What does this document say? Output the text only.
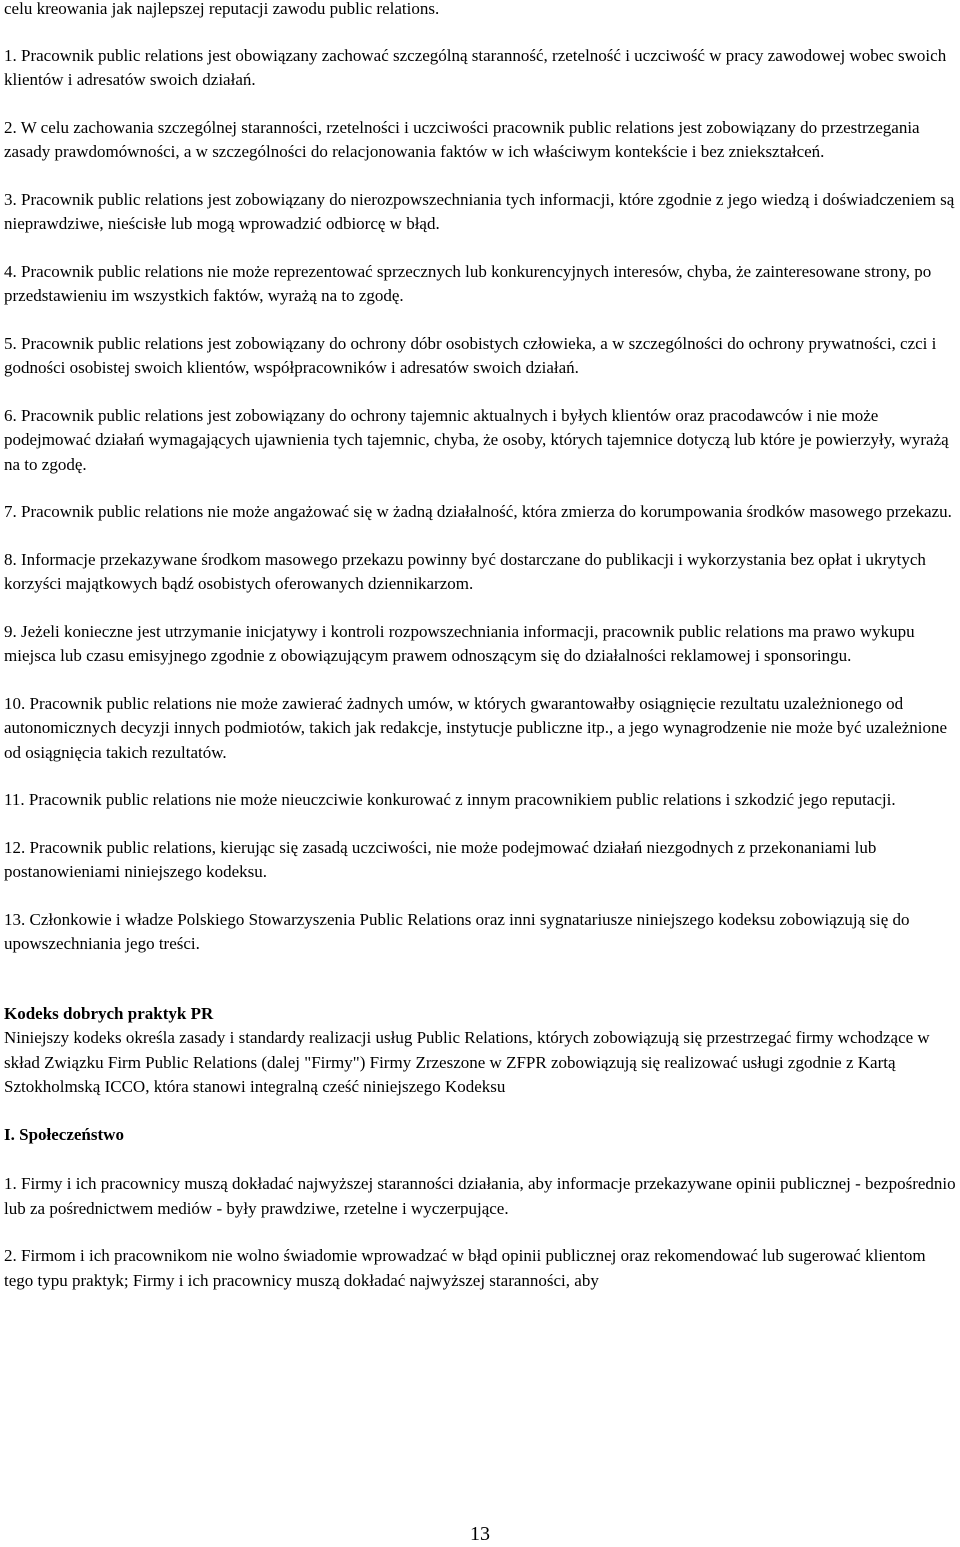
celu kreowania jak najlepszej reputacji zawodu public relations.

1. Pracownik public relations jest obowiązany zachować szczególną staranność, rzetelność i uczciwość w pracy zawodowej wobec swoich klientów i adresatów swoich działań.

2. W celu zachowania szczególnej staranności, rzetelności i uczciwości pracownik public relations jest zobowiązany do przestrzegania zasady prawdomówności, a w szczególności do relacjonowania faktów w ich właściwym kontekście i bez zniekształceń.

3. Pracownik public relations jest zobowiązany do nierozpowszechniania tych informacji, które zgodnie z jego wiedzą i doświadczeniem są nieprawdziwe, nieścisłe lub mogą wprowadzić odbiorcę w błąd.

4. Pracownik public relations nie może reprezentować sprzecznych lub konkurencyjnych interesów, chyba, że zainteresowane strony, po przedstawieniu im wszystkich faktów, wyrażą na to zgodę.

5. Pracownik public relations jest zobowiązany do ochrony dóbr osobistych człowieka, a w szczególności do ochrony prywatności, czci i godności osobistej swoich klientów, współpracowników i adresatów swoich działań.

6. Pracownik public relations jest zobowiązany do ochrony tajemnic aktualnych i byłych klientów oraz pracodawców i nie może podejmować działań wymagających ujawnienia tych tajemnic, chyba, że osoby, których tajemnice dotyczą lub które je powierzyły, wyrażą na to zgodę.

7. Pracownik public relations nie może angażować się w żadną działalność, która zmierza do korumpowania środków masowego przekazu.

8. Informacje przekazywane środkom masowego przekazu powinny być dostarczane do publikacji i wykorzystania bez opłat i ukrytych korzyści majątkowych bądź osobistych oferowanych dziennikarzom.

9. Jeżeli konieczne jest utrzymanie inicjatywy i kontroli rozpowszechniania informacji, pracownik public relations ma prawo wykupu miejsca lub czasu emisyjnego zgodnie z obowiązującym prawem odnoszącym się do działalności reklamowej i sponsoringu.

10. Pracownik public relations nie może zawierać żadnych umów, w których gwarantowałby osiągnięcie rezultatu uzależnionego od autonomicznych decyzji innych podmiotów, takich jak redakcje, instytucje publiczne itp., a jego wynagrodzenie nie może być uzależnione od osiągnięcia takich rezultatów.

11. Pracownik public relations nie może nieuczciwie konkurować z innym pracownikiem public relations i szkodzić jego reputacji.

12. Pracownik public relations, kierując się zasadą uczciwości, nie może podejmować działań niezgodnych z przekonaniami lub postanowieniami niniejszego kodeksu.

13. Członkowie i władze Polskiego Stowarzyszenia Public Relations oraz inni sygnatariusze niniejszego kodeksu zobowiązują się do upowszechniania jego treści.

Kodeks dobrych praktyk PR
Niniejszy kodeks określa zasady i standardy realizacji usług Public Relations, których zobowiązują się przestrzegać firmy wchodzące w skład Związku Firm Public Relations (dalej "Firmy") Firmy Zrzeszone w ZFPR zobowiązują się realizować usługi zgodnie z Kartą Sztokholmską ICCO, która stanowi integralną cześć niniejszego Kodeksu

I. Społeczeństwo

1. Firmy i ich pracownicy muszą dokładać najwyższej staranności działania, aby informacje przekazywane opinii publicznej - bezpośrednio lub za pośrednictwem mediów - były prawdziwe, rzetelne i wyczerpujące.

2. Firmom i ich pracownikom nie wolno świadomie wprowadzać w błąd opinii publicznej oraz rekomendować lub sugerować klientom tego typu praktyk; Firmy i ich pracownicy muszą dokładać najwyższej staranności, aby

13
